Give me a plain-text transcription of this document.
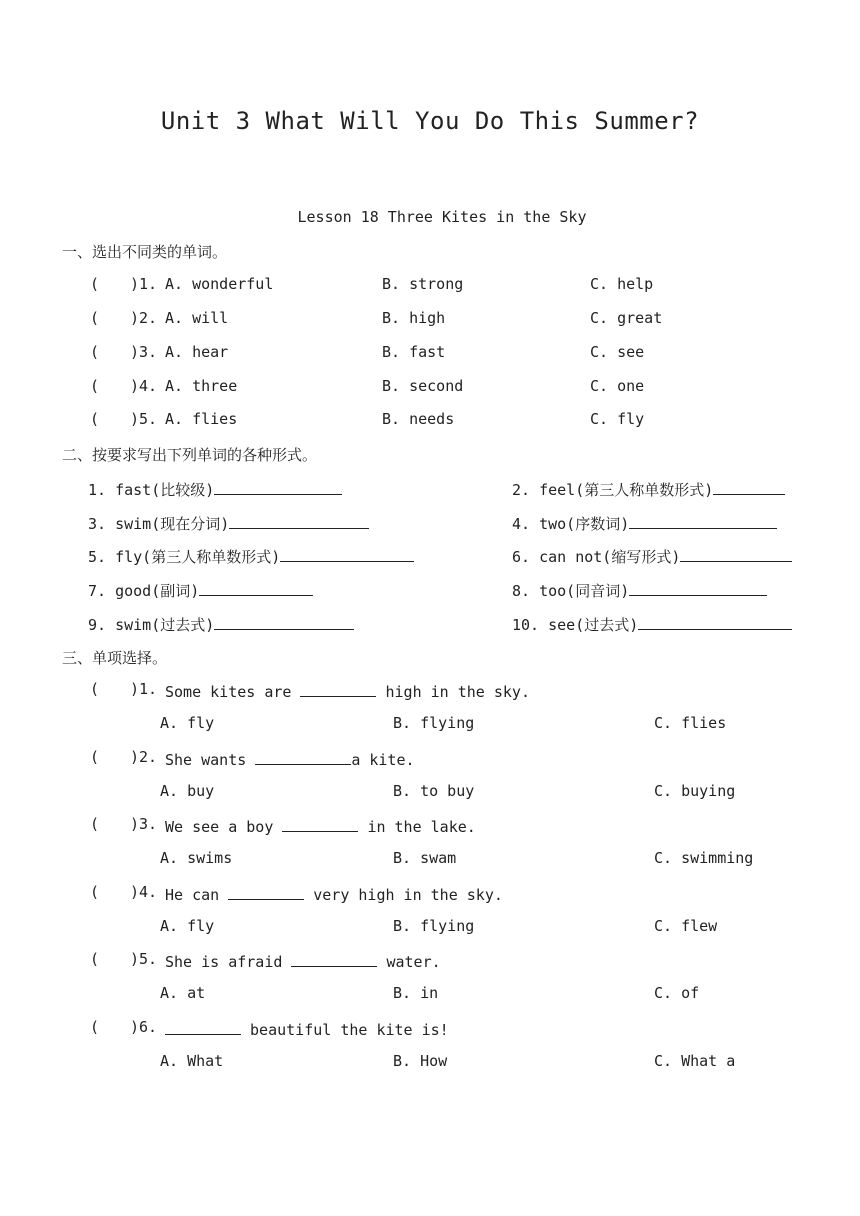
Unit 3 What Will You Do This Summer?
Lesson 18 Three Kites in the Sky
一、选出不同类的单词。
( )1. A. wonderful	B. strong	C. help
( )2. A. will	B. high	C. great
( )3. A. hear	B. fast	C. see
( )4. A. three	B. second	C. one
( )5. A. flies	B. needs	C. fly
二、按要求写出下列单词的各种形式。
1. fast(比较级)	2. feel(第三人称单数形式)
3. swim(现在分词)	4. two(序数词)
5. fly(第三人称单数形式)	6. can not(缩写形式)
7. good(副词)	8. too(同音词)
9. swim(过去式)	10. see(过去式)
三、单项选择。
( )1. Some kites are	high in the sky.
A. fly	B. flying	C. flies
( )2. She wants	a kite.
A. buy	B. to buy	C. buying
( )3. We see a boy	in the lake.
A. swims	B. swam	C. swimming
( )4. He can	very high in the sky.
A. fly	B. flying	C. flew
( )5. She is afraid	water.
A. at	B. in	C. of
( )6.	beautiful the kite is!
A. What	B. How	C. What a
